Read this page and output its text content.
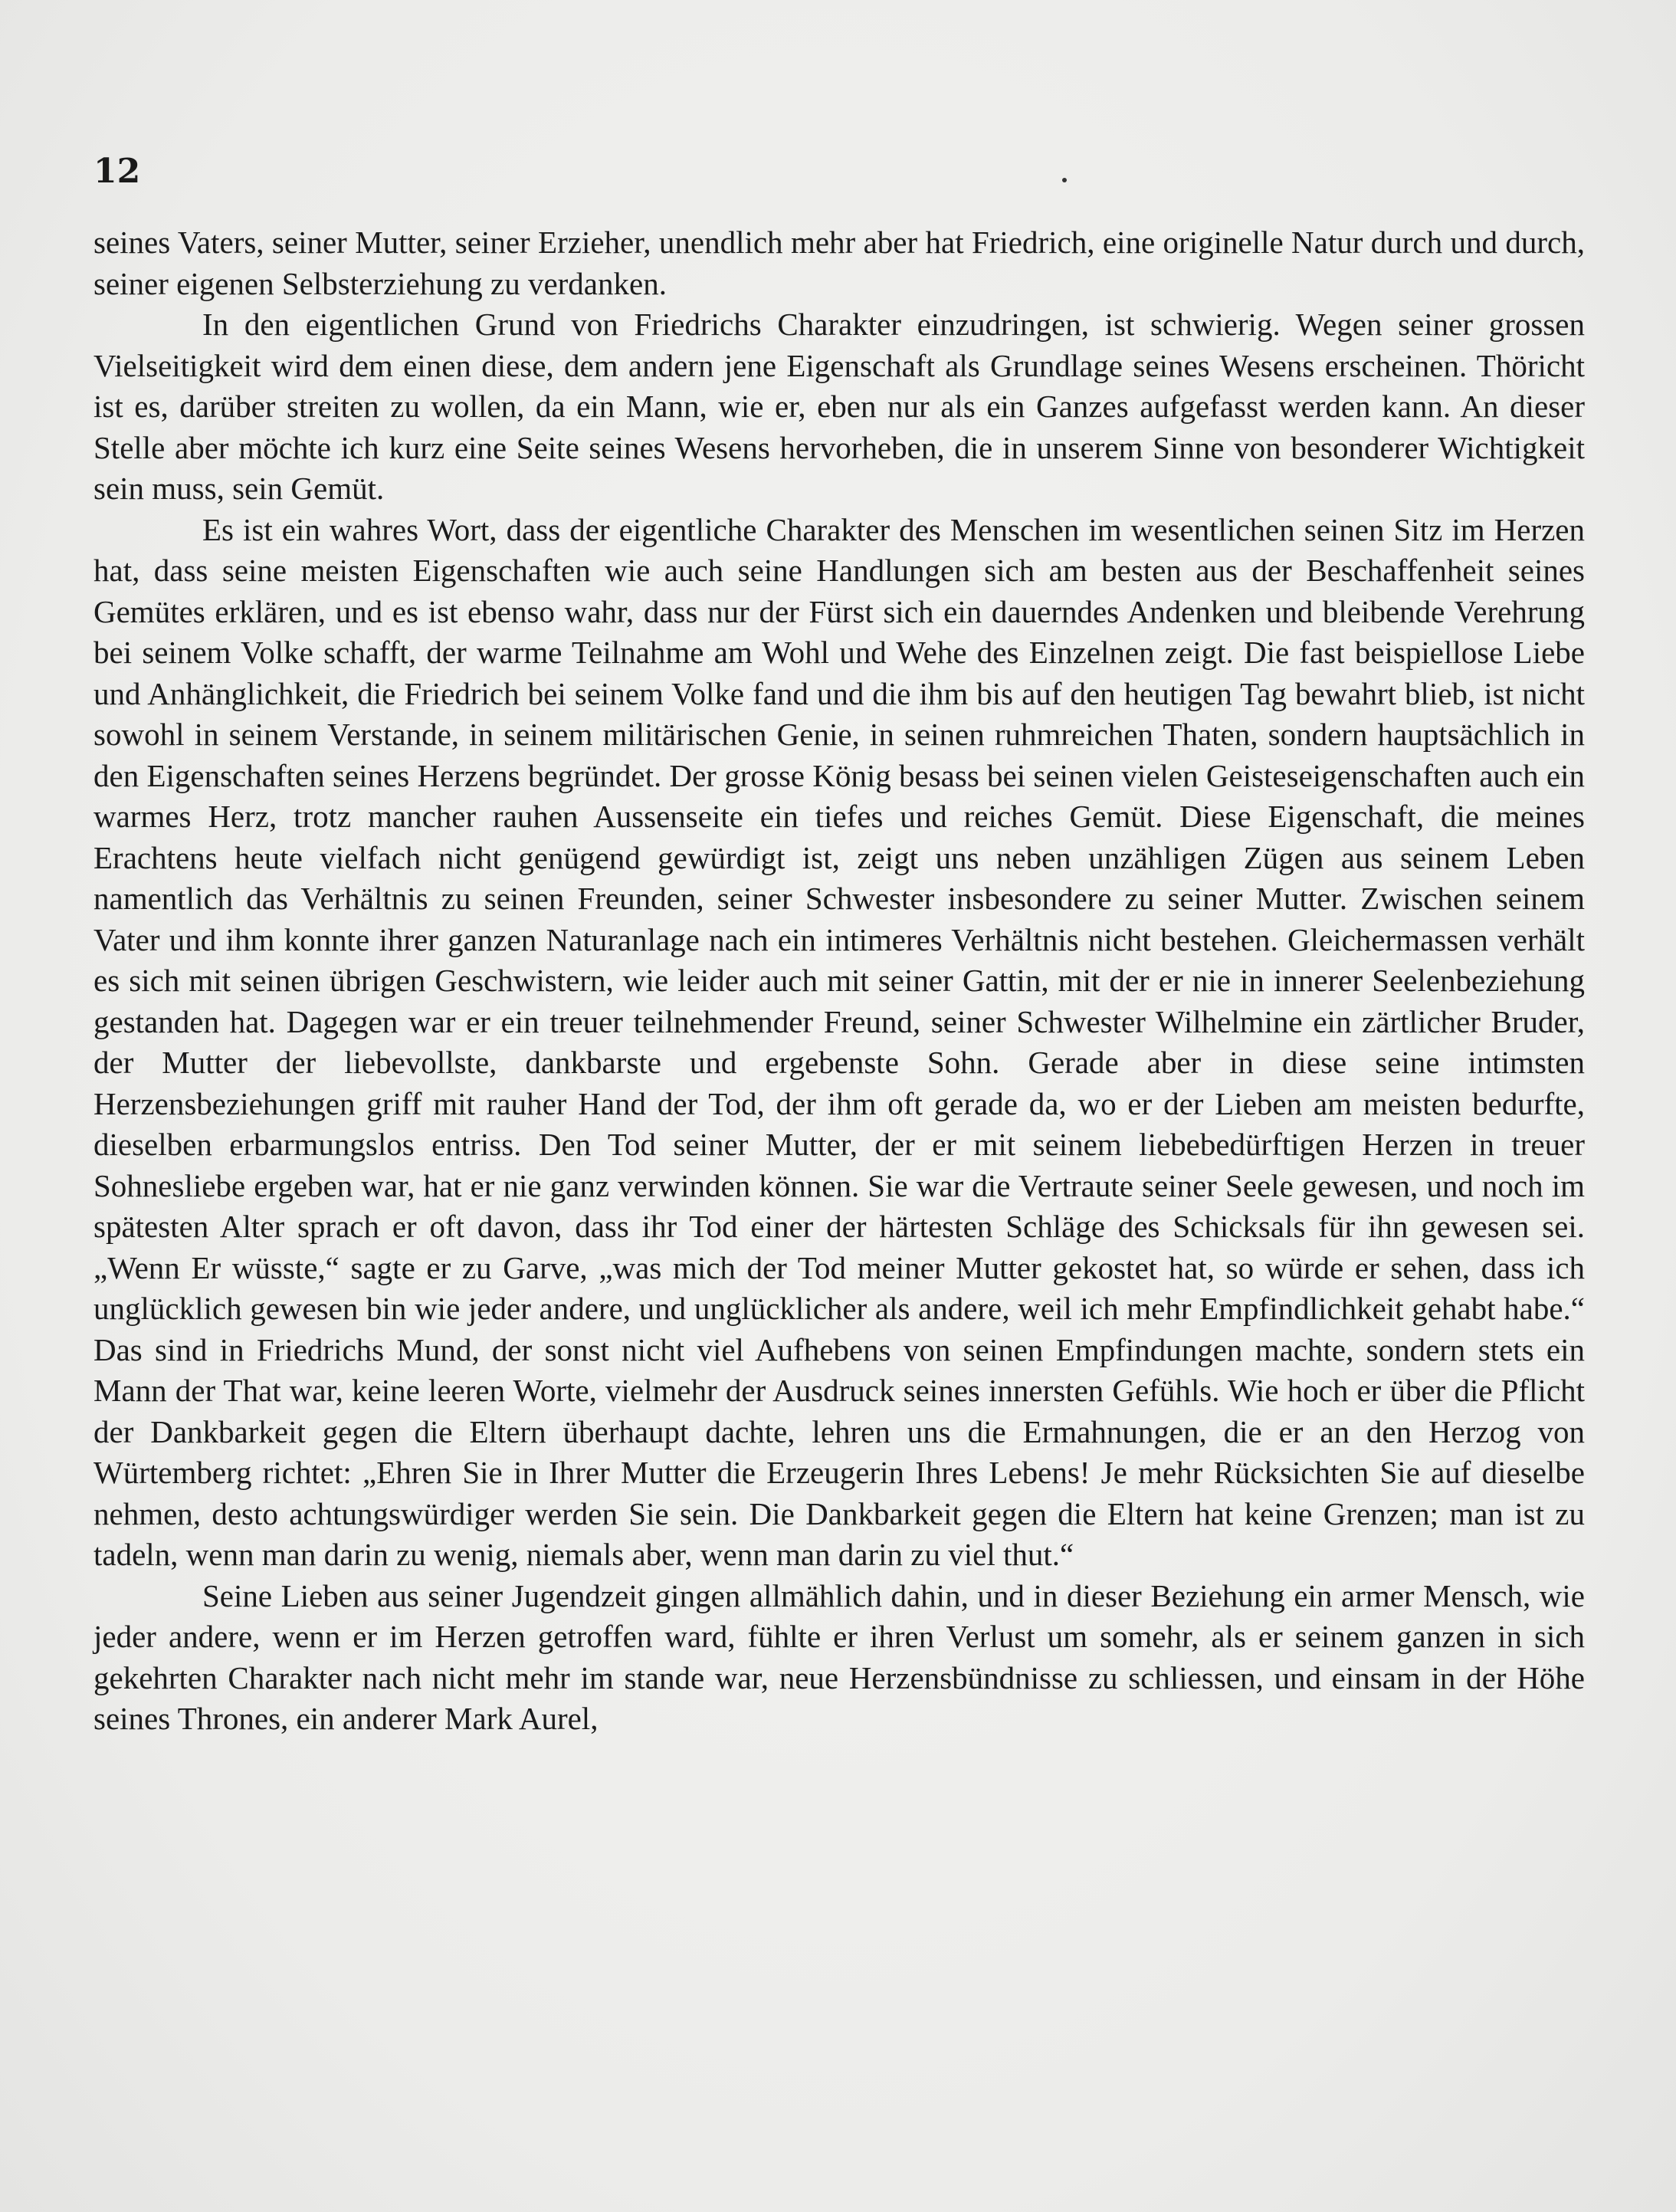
12

seines Vaters, seiner Mutter, seiner Erzieher, unendlich mehr aber hat Friedrich, eine originelle Natur durch und durch, seiner eigenen Selbsterziehung zu verdanken.

In den eigentlichen Grund von Friedrichs Charakter einzudringen, ist schwierig. Wegen seiner grossen Vielseitigkeit wird dem einen diese, dem andern jene Eigenschaft als Grundlage seines Wesens erscheinen. Thöricht ist es, darüber streiten zu wollen, da ein Mann, wie er, eben nur als ein Ganzes aufgefasst werden kann. An dieser Stelle aber möchte ich kurz eine Seite seines Wesens hervorheben, die in unserem Sinne von besonderer Wichtigkeit sein muss, sein Gemüt.

Es ist ein wahres Wort, dass der eigentliche Charakter des Menschen im wesentlichen seinen Sitz im Herzen hat, dass seine meisten Eigenschaften wie auch seine Handlungen sich am besten aus der Beschaffenheit seines Gemütes erklären, und es ist ebenso wahr, dass nur der Fürst sich ein dauerndes Andenken und bleibende Verehrung bei seinem Volke schafft, der warme Teilnahme am Wohl und Wehe des Einzelnen zeigt. Die fast beispiellose Liebe und Anhänglichkeit, die Friedrich bei seinem Volke fand und die ihm bis auf den heutigen Tag bewahrt blieb, ist nicht sowohl in seinem Verstande, in seinem militärischen Genie, in seinen ruhmreichen Thaten, sondern hauptsächlich in den Eigenschaften seines Herzens begründet. Der grosse König besass bei seinen vielen Geisteseigenschaften auch ein warmes Herz, trotz mancher rauhen Aussenseite ein tiefes und reiches Gemüt. Diese Eigenschaft, die meines Erachtens heute vielfach nicht genügend gewürdigt ist, zeigt uns neben unzähligen Zügen aus seinem Leben namentlich das Verhältnis zu seinen Freunden, seiner Schwester insbesondere zu seiner Mutter. Zwischen seinem Vater und ihm konnte ihrer ganzen Naturanlage nach ein intimeres Verhältnis nicht bestehen. Gleichermassen verhält es sich mit seinen übrigen Geschwistern, wie leider auch mit seiner Gattin, mit der er nie in innerer Seelenbeziehung gestanden hat. Dagegen war er ein treuer teilnehmender Freund, seiner Schwester Wilhelmine ein zärtlicher Bruder, der Mutter der liebevollste, dankbarste und ergebenste Sohn. Gerade aber in diese seine intimsten Herzensbeziehungen griff mit rauher Hand der Tod, der ihm oft gerade da, wo er der Lieben am meisten bedurfte, dieselben erbarmungslos entriss. Den Tod seiner Mutter, der er mit seinem liebebedürftigen Herzen in treuer Sohnesliebe ergeben war, hat er nie ganz verwinden können. Sie war die Vertraute seiner Seele gewesen, und noch im spätesten Alter sprach er oft davon, dass ihr Tod einer der härtesten Schläge des Schicksals für ihn gewesen sei. „Wenn Er wüsste,“ sagte er zu Garve, „was mich der Tod meiner Mutter gekostet hat, so würde er sehen, dass ich unglücklich gewesen bin wie jeder andere, und unglücklicher als andere, weil ich mehr Empfindlichkeit gehabt habe.“ Das sind in Friedrichs Mund, der sonst nicht viel Aufhebens von seinen Empfindungen machte, sondern stets ein Mann der That war, keine leeren Worte, vielmehr der Ausdruck seines innersten Gefühls. Wie hoch er über die Pflicht der Dankbarkeit gegen die Eltern überhaupt dachte, lehren uns die Ermahnungen, die er an den Herzog von Würtemberg richtet: „Ehren Sie in Ihrer Mutter die Erzeugerin Ihres Lebens! Je mehr Rücksichten Sie auf dieselbe nehmen, desto achtungswürdiger werden Sie sein. Die Dankbarkeit gegen die Eltern hat keine Grenzen; man ist zu tadeln, wenn man darin zu wenig, niemals aber, wenn man darin zu viel thut.“

Seine Lieben aus seiner Jugendzeit gingen allmählich dahin, und in dieser Beziehung ein armer Mensch, wie jeder andere, wenn er im Herzen getroffen ward, fühlte er ihren Verlust um somehr, als er seinem ganzen in sich gekehrten Charakter nach nicht mehr im stande war, neue Herzensbündnisse zu schliessen, und einsam in der Höhe seines Thrones, ein anderer Mark Aurel,
